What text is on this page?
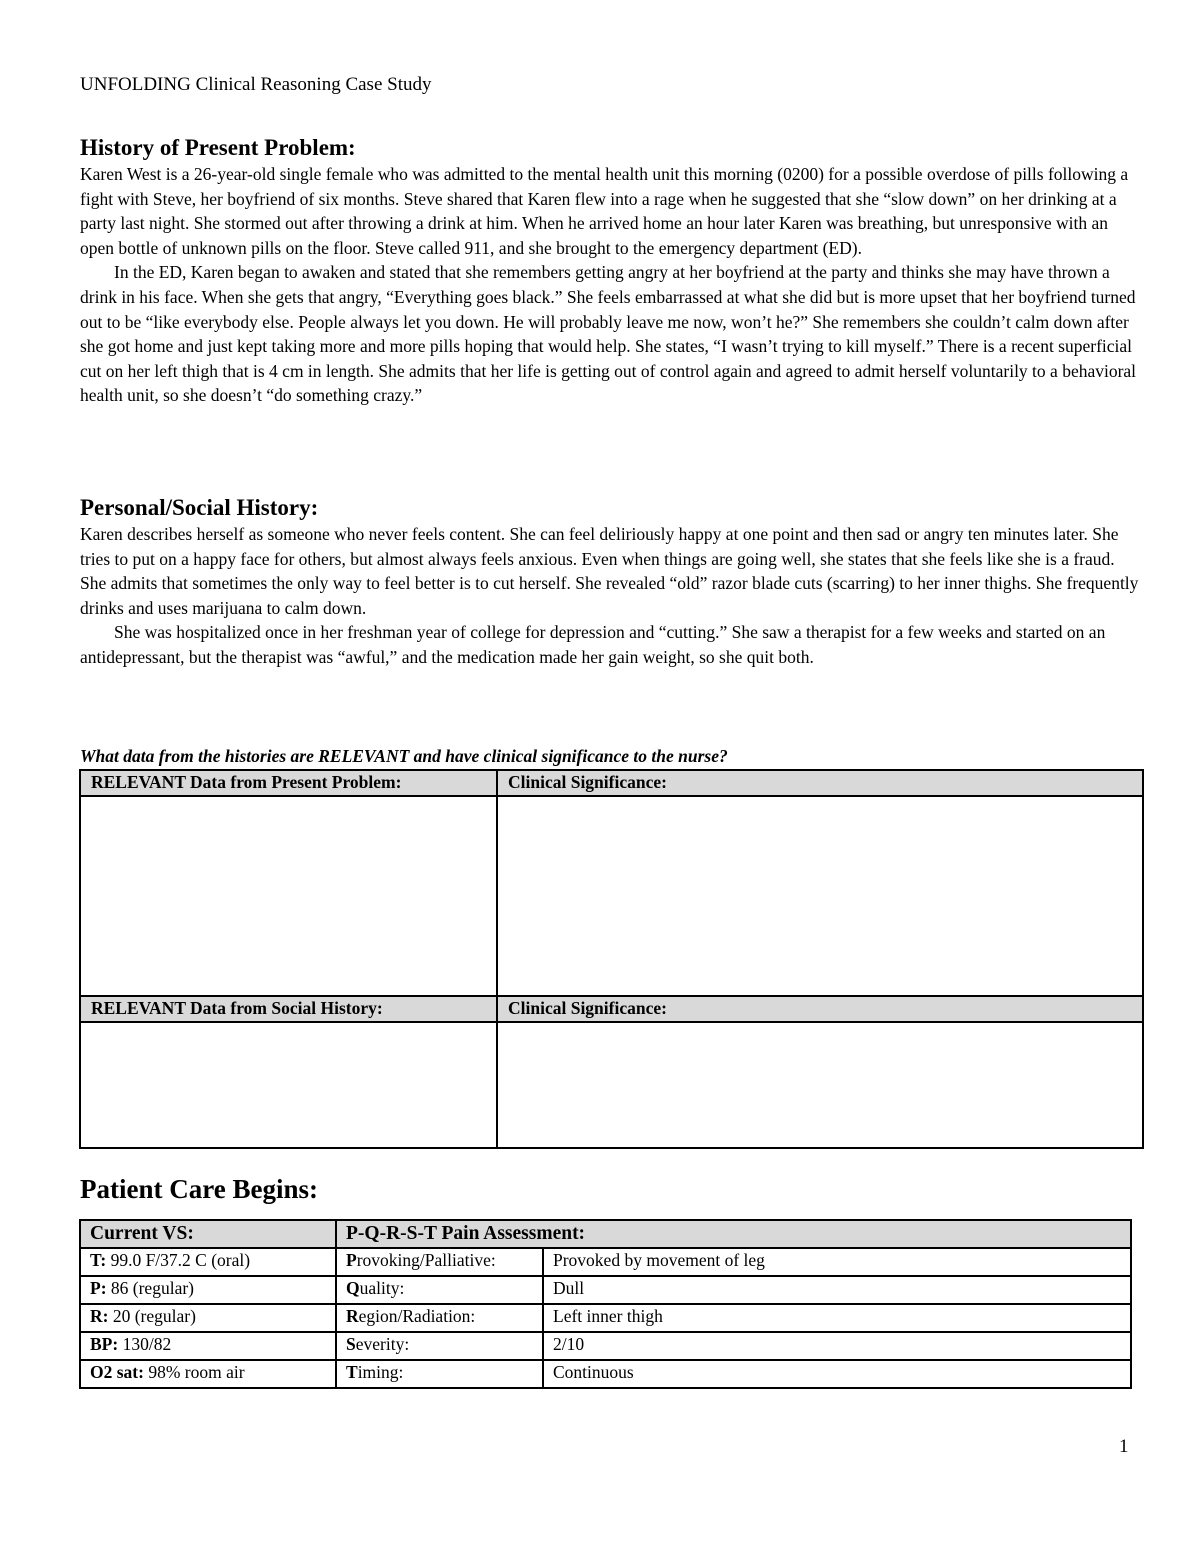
UNFOLDING Clinical Reasoning Case Study
History of Present Problem:

Karen West is a 26-year-old single female who was admitted to the mental health unit this morning (0200) for a possible overdose of pills following a fight with Steve, her boyfriend of six months. Steve shared that Karen flew into a rage when he suggested that she “slow down” on her drinking at a party last night. She stormed out after throwing a drink at him. When he arrived home an hour later Karen was breathing, but unresponsive with an open bottle of unknown pills on the floor. Steve called 911, and she brought to the emergency department (ED).

In the ED, Karen began to awaken and stated that she remembers getting angry at her boyfriend at the party and thinks she may have thrown a drink in his face. When she gets that angry, “Everything goes black.” She feels embarrassed at what she did but is more upset that her boyfriend turned out to be “like everybody else. People always let you down. He will probably leave me now, won’t he?” She remembers she couldn’t calm down after she got home and just kept taking more and more pills hoping that would help. She states, “I wasn’t trying to kill myself.” There is a recent superficial cut on her left thigh that is 4 cm in length. She admits that her life is getting out of control again and agreed to admit herself voluntarily to a behavioral health unit, so she doesn’t “do something crazy.”

Personal/Social History:

Karen describes herself as someone who never feels content. She can feel deliriously happy at one point and then sad or angry ten minutes later. She tries to put on a happy face for others, but almost always feels anxious. Even when things are going well, she states that she feels like she is a fraud. She admits that sometimes the only way to feel better is to cut herself. She revealed “old” razor blade cuts (scarring) to her inner thighs. She frequently drinks and uses marijuana to calm down.

She was hospitalized once in her freshman year of college for depression and “cutting.” She saw a therapist for a few weeks and started on an antidepressant, but the therapist was “awful,” and the medication made her gain weight, so she quit both.

What data from the histories are RELEVANT and have clinical significance to the nurse?
RELEVANT Data from Present Problem:	Clinical Significance:

RELEVANT Data from Social History:	Clinical Significance:

Patient Care Begins:
Current VS:	P-Q-R-S-T Pain Assessment:	
T: 99.0 F/37.2 C (oral)	Provoking/Palliative:	Provoked by movement of leg
P: 86 (regular)	Quality:	Dull
R: 20 (regular)	Region/Radiation:	Left inner thigh
BP: 130/82	Severity:	2/10
O2 sat: 98% room air	Timing:	Continuous
1
